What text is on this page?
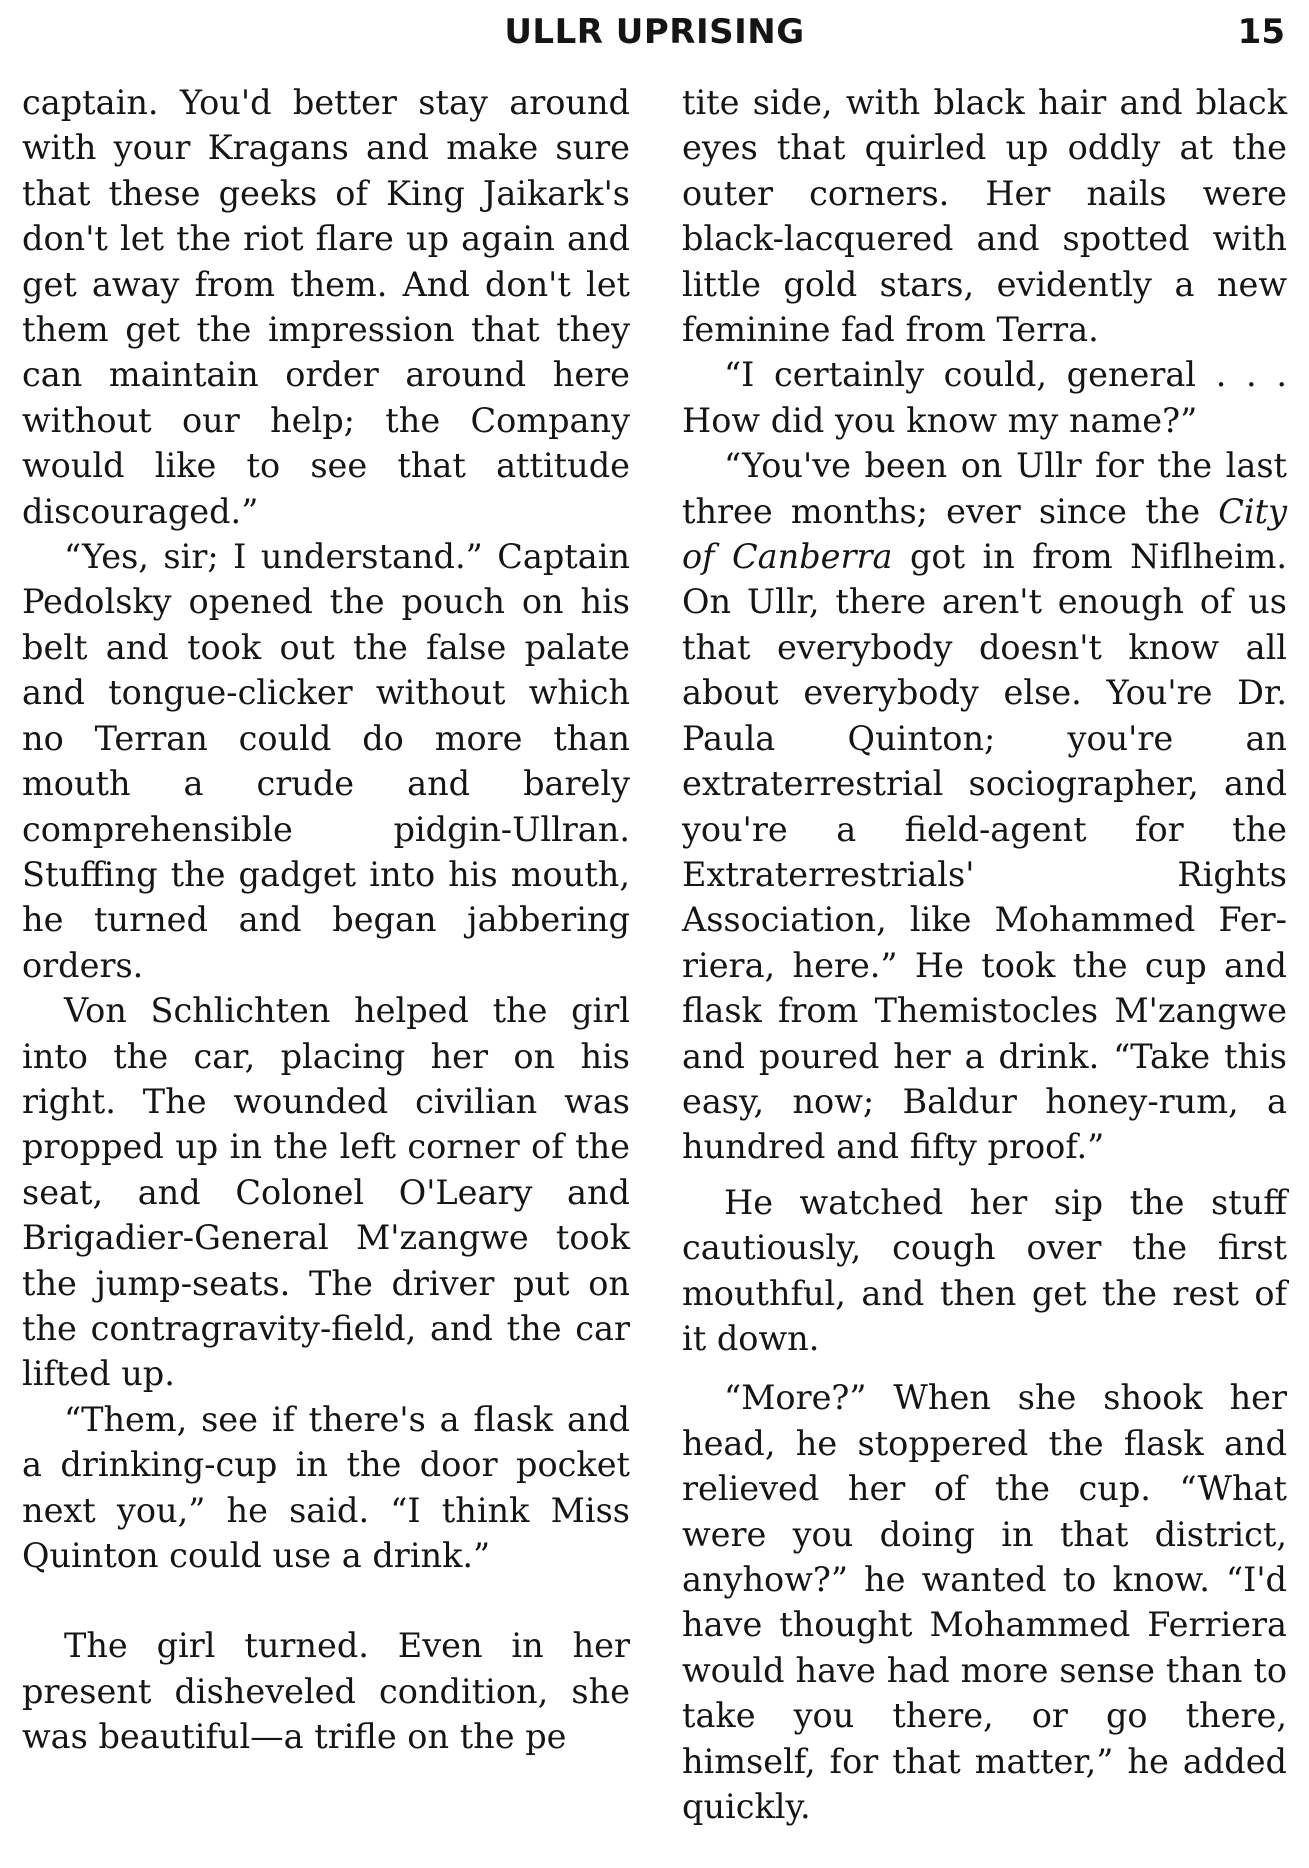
ULLR UPRISING	15

captain. You'd better stay around with your Kragans and make sure that these geeks of King Jaikark's don't let the riot flare up again and get away from them. And don't let them get the impression that they can maintain order around here without our help; the Company would like to see that attitude discouraged.”

“Yes, sir; I understand.” Captain Pedolsky opened the pouch on his belt and took out the false palate and tongue-clicker without which no Terran could do more than mouth a crude and barely comprehensible pidgin-Ullran. Stuffing the gadget into his mouth, he turned and began jabbering orders.

Von Schlichten helped the girl into the car, placing her on his right. The wounded civilian was propped up in the left corner of the seat, and Colonel O'Leary and Brigadier-General M'zangwe took the jump-seats. The driver put on the contragravity-field, and the car lifted up.

“Them, see if there's a flask and a drinking-cup in the door pocket next you,” he said. “I think Miss Quinton could use a drink.”

The girl turned. Even in her present disheveled condition, she was beautiful—a trifle on the pe

tite side, with black hair and black eyes that quirled up oddly at the outer corners. Her nails were black-lacquered and spotted with little gold stars, evidently a new feminine fad from Terra.

“I certainly could, general . . . How did you know my name?”

“You've been on Ullr for the last three months; ever since the City of Canberra got in from Niflheim. On Ullr, there aren't enough of us that everybody doesn't know all about everybody else. You're Dr. Paula Quinton; you're an extraterrestrial sociographer, and you're a field-agent for the Extraterrestrials' Rights Association, like Mohammed Ferriera, here.” He took the cup and flask from Themistocles M'zangwe and poured her a drink. “Take this easy, now; Baldur honey-rum, a hundred and fifty proof.”

He watched her sip the stuff cautiously, cough over the first mouthful, and then get the rest of it down.

“More?” When she shook her head, he stoppered the flask and relieved her of the cup. “What were you doing in that district, anyhow?” he wanted to know. “I'd have thought Mohammed Ferriera would have had more sense than to take you there, or go there, himself, for that matter,” he added quickly.
